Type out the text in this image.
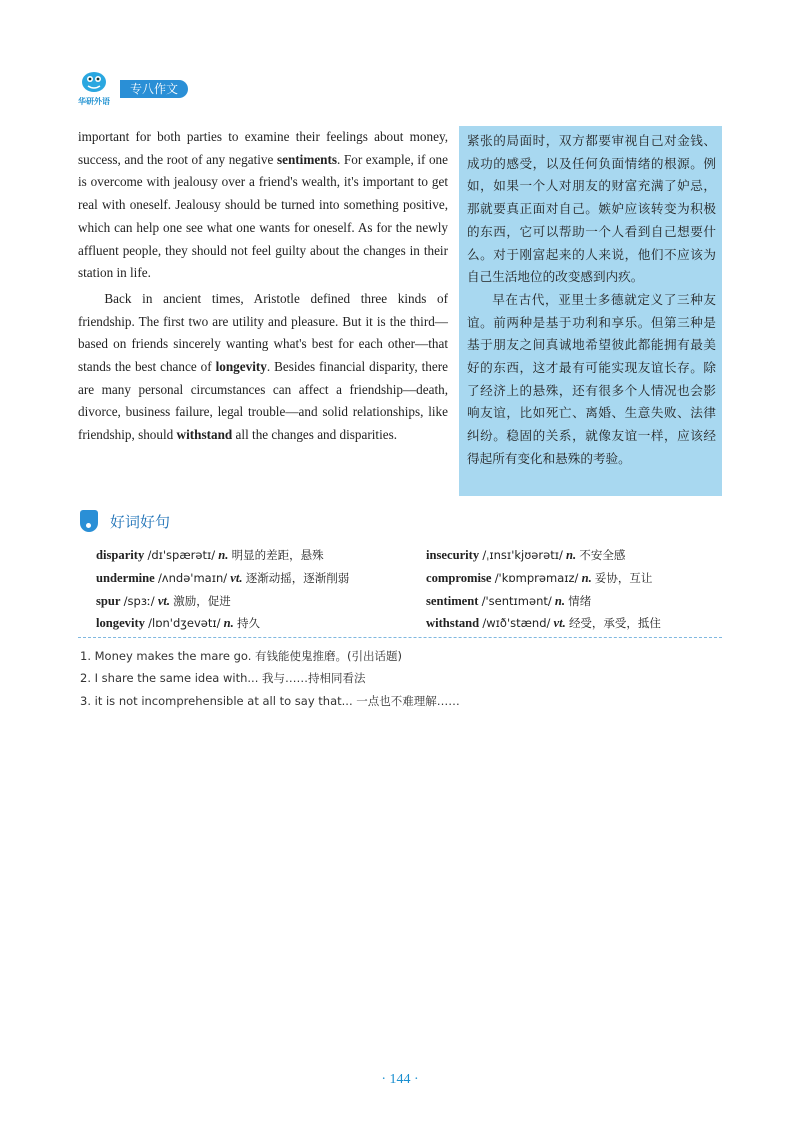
华研外语
专八作文

important for both parties to examine their feelings about money, success, and the root of any negative sentiments. For example, if one is overcome with jealousy over a friend's wealth, it's important to get real with oneself. Jealousy should be turned into something positive, which can help one see what one wants for oneself. As for the newly affluent people, they should not feel guilty about the changes in their station in life.

Back in ancient times, Aristotle defined three kinds of friendship. The first two are utility and pleasure. But it is the third—based on friends sincerely wanting what's best for each other—that stands the best chance of longevity. Besides financial disparity, there are many personal circumstances can affect a friendship—death, divorce, business failure, legal trouble—and solid relationships, like friendship, should withstand all the changes and disparities.

紧张的局面时，双方都要审视自己对金钱、成功的感受，以及任何负面情绪的根源。例如，如果一个人对朋友的财富充满了妒忌，那就要真正面对自己。嫉妒应该转变为积极的东西，它可以帮助一个人看到自己想要什么。对于刚富起来的人来说，他们不应该为自己生活地位的改变感到内疚。

早在古代，亚里士多德就定义了三种友谊。前两种是基于功利和享乐。但第三种是基于朋友之间真诚地希望彼此都能拥有最美好的东西，这才最有可能实现友谊长存。除了经济上的悬殊，还有很多个人情况也会影响友谊，比如死亡、离婚、生意失败、法律纠纷。稳固的关系，就像友谊一样，应该经得起所有变化和悬殊的考验。

好词好句
disparity /dɪ'spærətɪ/ n. 明显的差距，悬殊	insecurity /ˌɪnsɪ'kjʊərətɪ/ n. 不安全感
undermine /ʌndə'maɪn/ vt. 逐渐动摇，逐渐削弱	compromise /'kɒmprəmaɪz/ n. 妥协，互让
spur /spɜː/ vt. 激励，促进	sentiment /'sentɪmənt/ n. 情绪
longevity /lɒn'dʒevətɪ/ n. 持久	withstand /wɪð'stænd/ vt. 经受，承受，抵住
1. Money makes the mare go. 有钱能使鬼推磨。(引出话题)
2. I share the same idea with... 我与……持相同看法
3. it is not incomprehensible at all to say that... 一点也不难理解……
· 144 ·
